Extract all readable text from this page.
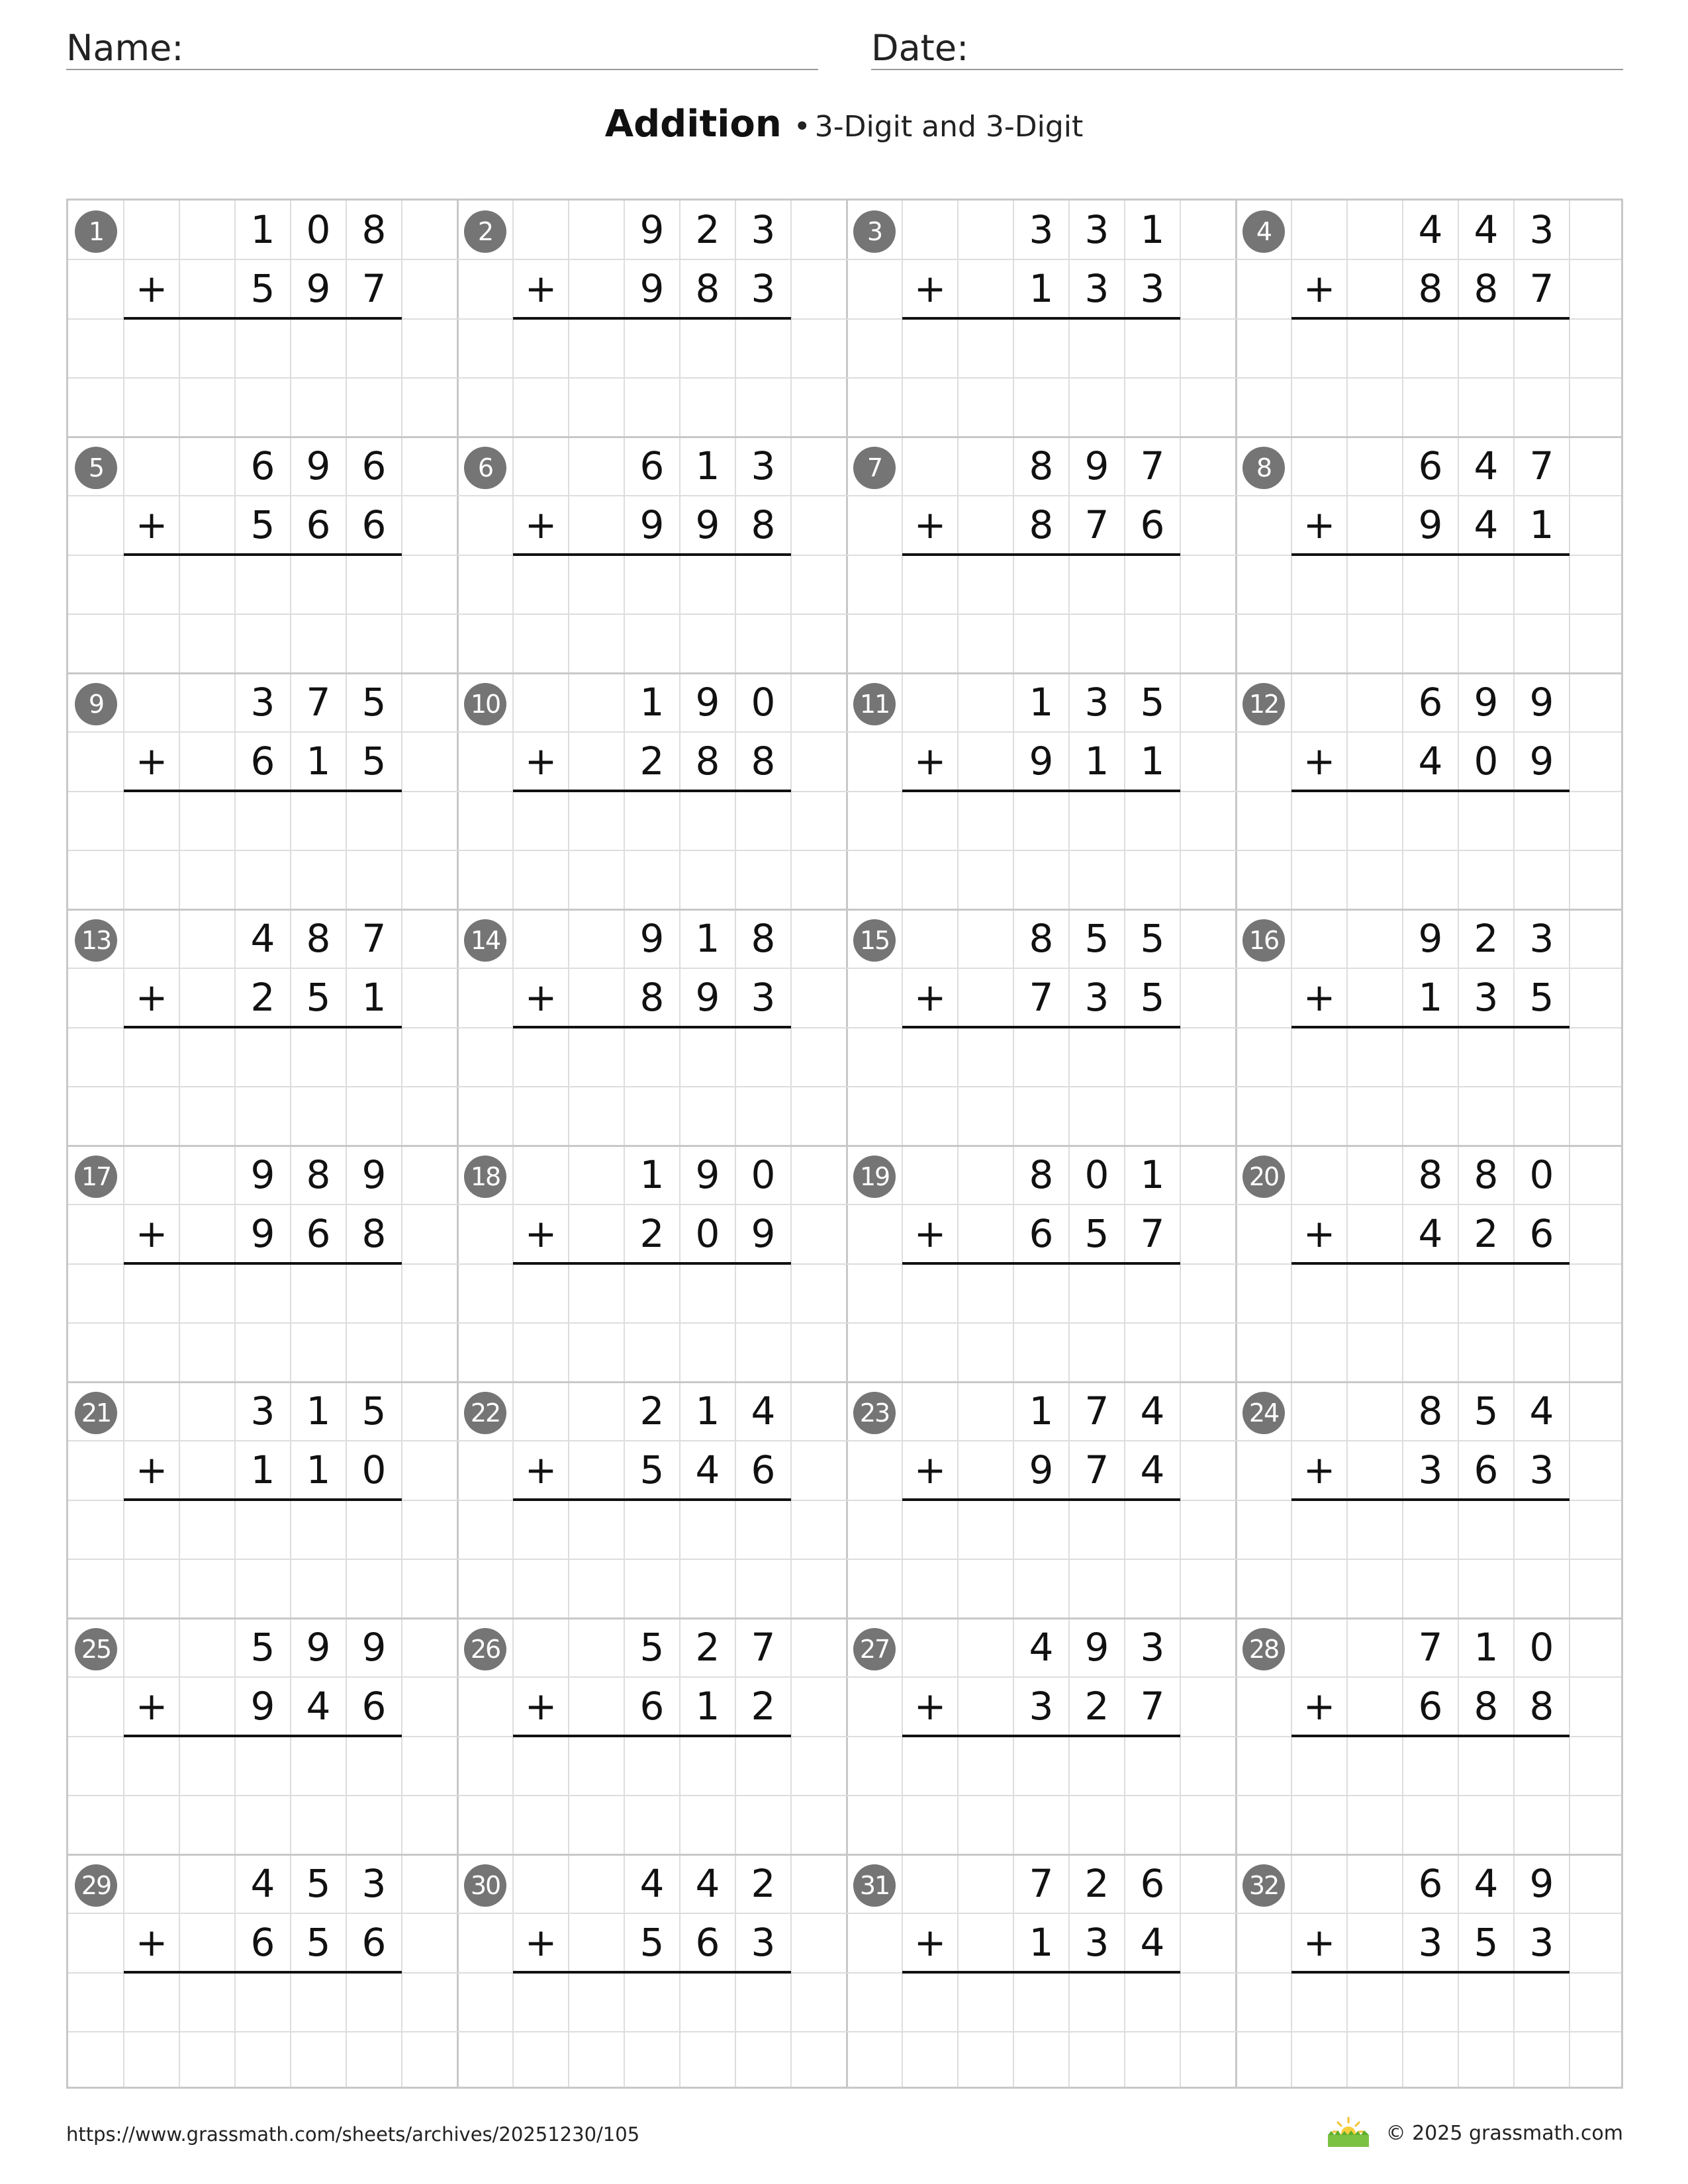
Name:	Date:
Addition • 3-Digit and 3-Digit
1	1 0 8
5 9 7
+
2	9 2 3
9 8 3
+
3	3 3 1
1 3 3
+
4	4 4 3
8 8 7
+
5	6 9 6
5 6 6
+
6	6 1 3
9 9 8
+
7	8 9 7
8 7 6
+
8	6 4 7
9 4 1
+
9	3 7 5
6 1 5
+
10	1 9 0
2 8 8
+
11	1 3 5
9 1 1
+
12	6 9 9
4 0 9
+
13	4 8 7
2 5 1
+
14	9 1 8
8 9 3
+
15	8 5 5
7 3 5
+
16	9 2 3
1 3 5
+
17	9 8 9
9 6 8
+
18	1 9 0
2 0 9
+
19	8 0 1
6 5 7
+
20	8 8 0
4 2 6
+
21	3 1 5
1 1 0
+
22	2 1 4
5 4 6
+
23	1 7 4
9 7 4
+
24	8 5 4
3 6 3
+
25	5 9 9
9 4 6
+
26	5 2 7
6 1 2
+
27	4 9 3
3 2 7
+
28	7 1 0
6 8 8
+
29	4 5 3
6 5 6
+
30	4 4 2
5 6 3
+
31	7 2 6
1 3 4
+
32	6 4 9
3 5 3
+
https://www.grassmath.com/sheets/archives/20251230/105	© 2025 grassmath.com
